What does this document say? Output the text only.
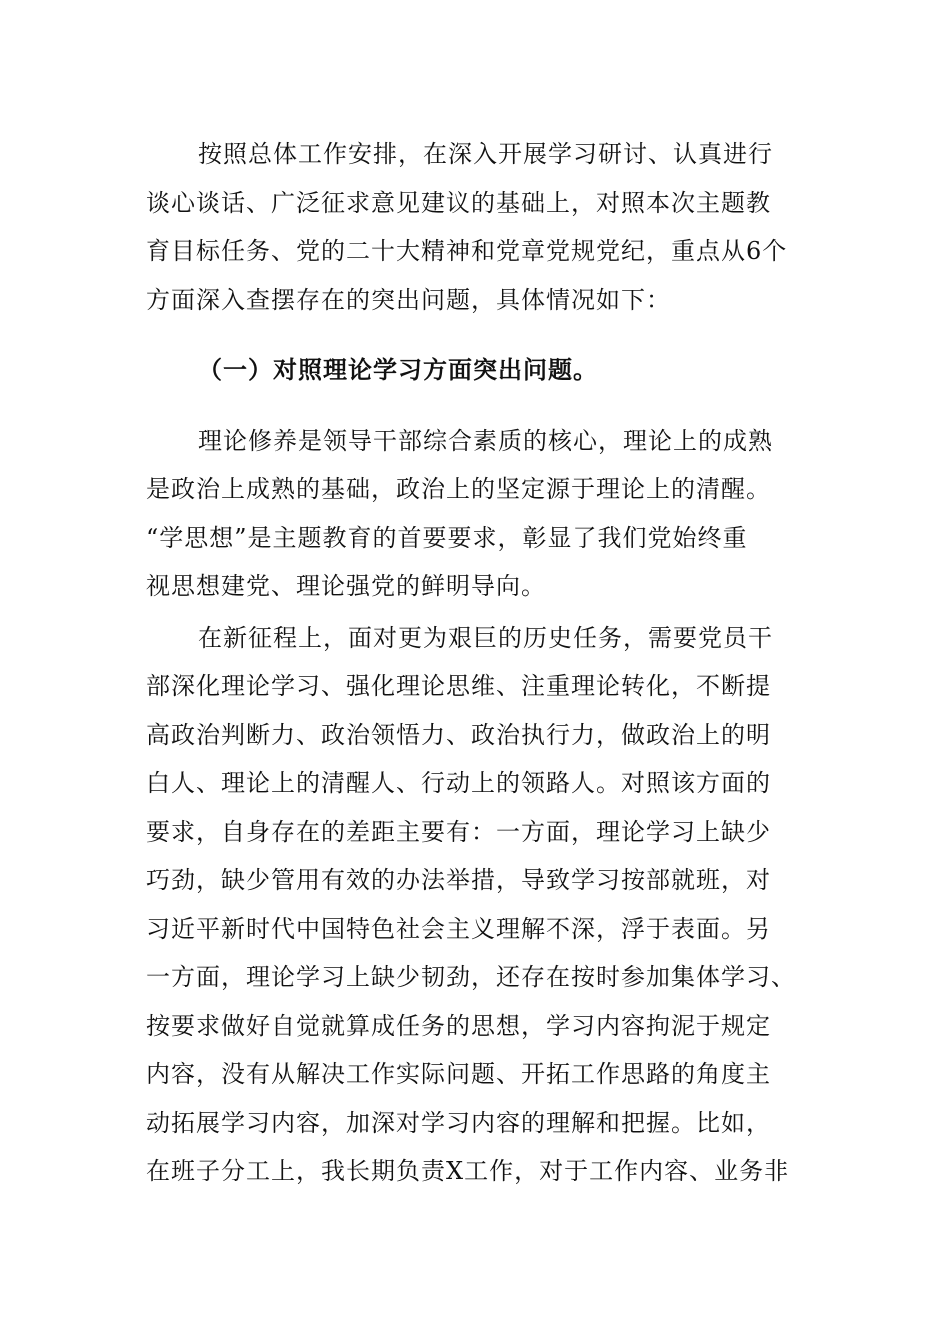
按照总体工作安排，在深入开展学习研讨、认真进行
谈心谈话、广泛征求意见建议的基础上，对照本次主题教
育目标任务、党的二十大精神和党章党规党纪，重点从6个
方面深入查摆存在的突出问题，具体情况如下：
（一）对照理论学习方面突出问题。
理论修养是领导干部综合素质的核心，理论上的成熟
是政治上成熟的基础，政治上的坚定源于理论上的清醒。
“学思想”是主题教育的首要要求，彰显了我们党始终重
视思想建党、理论强党的鲜明导向。
在新征程上，面对更为艰巨的历史任务，需要党员干
部深化理论学习、强化理论思维、注重理论转化，不断提
高政治判断力、政治领悟力、政治执行力，做政治上的明
白人、理论上的清醒人、行动上的领路人。对照该方面的
要求，自身存在的差距主要有：一方面，理论学习上缺少
巧劲，缺少管用有效的办法举措，导致学习按部就班，对
习近平新时代中国特色社会主义理解不深，浮于表面。另
一方面，理论学习上缺少韧劲，还存在按时参加集体学习、
按要求做好自觉就算成任务的思想，学习内容拘泥于规定
内容，没有从解决工作实际问题、开拓工作思路的角度主
动拓展学习内容，加深对学习内容的理解和把握。比如，
在班子分工上，我长期负责X工作，对于工作内容、业务非
